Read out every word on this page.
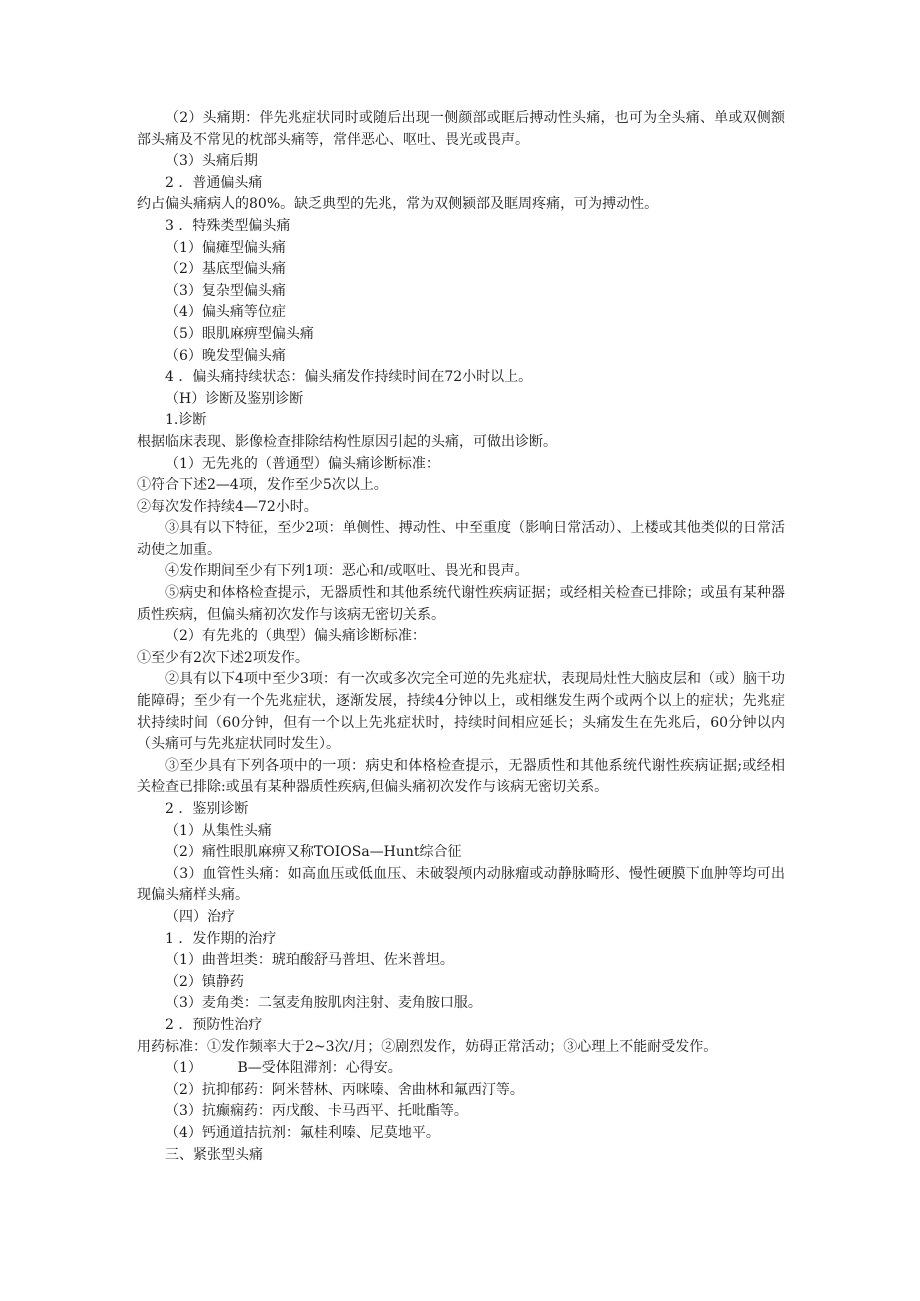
（2）头痛期：伴先兆症状同时或随后出现一侧颜部或眶后搏动性头痛，也可为全头痛、单或双侧额部头痛及不常见的枕部头痛等，常伴恶心、呕吐、畏光或畏声。

（3）头痛后期

2 ．普通偏头痛

约占偏头痛病人的80%。缺乏典型的先兆，常为双侧颍部及眶周疼痛，可为搏动性。

3 ．特殊类型偏头痛

（1）偏瘫型偏头痛

（2）基底型偏头痛

（3）复杂型偏头痛

（4）偏头痛等位症

（5）眼肌麻痹型偏头痛

（6）晚发型偏头痛

4 ．偏头痛持续状态：偏头痛发作持续时间在72小时以上。

（H）诊断及鉴别诊断

1.诊断

根据临床表现、影像检查排除结构性原因引起的头痛，可做出诊断。

（1）无先兆的（普通型）偏头痛诊断标准：

①符合下述2—4项，发作至少5次以上。

②每次发作持续4—72小时。

③具有以下特征，至少2项：单侧性、搏动性、中至重度（影响日常活动）、上楼或其他类似的日常活动使之加重。

④发作期间至少有下列1项：恶心和/或呕吐、畏光和畏声。

⑤病史和体格检查提示，无器质性和其他系统代谢性疾病证据；或经相关检查已排除；或虽有某种器质性疾病，但偏头痛初次发作与该病无密切关系。

（2）有先兆的（典型）偏头痛诊断标准：

①至少有2次下述2项发作。

②具有以下4项中至少3项：有一次或多次完全可逆的先兆症状，表现局灶性大脑皮层和（或）脑干功能障碍；至少有一个先兆症状，逐渐发展，持续4分钟以上，或相继发生两个或两个以上的症状；先兆症状持续时间（60分钟，但有一个以上先兆症状时，持续时间相应延长；头痛发生在先兆后，60分钟以内（头痛可与先兆症状同时发生）。

③至少具有下列各项中的一项：病史和体格检查提示，无器质性和其他系统代谢性疾病证据;或经相关检查已排除:或虽有某种器质性疾病,但偏头痛初次发作与该病无密切关系。

2 ．鉴别诊断

（1）从集性头痛

（2）痛性眼肌麻痹又称TOIOSa—Hunt综合征

（3）血管性头痛：如高血压或低血压、未破裂颅内动脉瘤或动静脉畸形、慢性硬膜下血肿等均可出现偏头痛样头痛。

（四）治疗

1 ．发作期的治疗

（1）曲普坦类：琥珀酸舒马普坦、佐米普坦。

（2）镇静药

（3）麦角类：二氢麦角胺肌肉注射、麦角胺口服。

2 ．预防性治疗

用药标准：①发作频率大于2~3次/月；②剧烈发作，妨碍正常活动；③心理上不能耐受发作。

（1）        B—受体阻滞剂：心得安。

（2）抗抑郁药：阿米替林、丙咪嗪、舍曲林和氟西汀等。

（3）抗癫痫药：丙戊酸、卡马西平、托吡酯等。

（4）钙通道拮抗剂：氟桂利嗪、尼莫地平。

三、紧张型头痛
